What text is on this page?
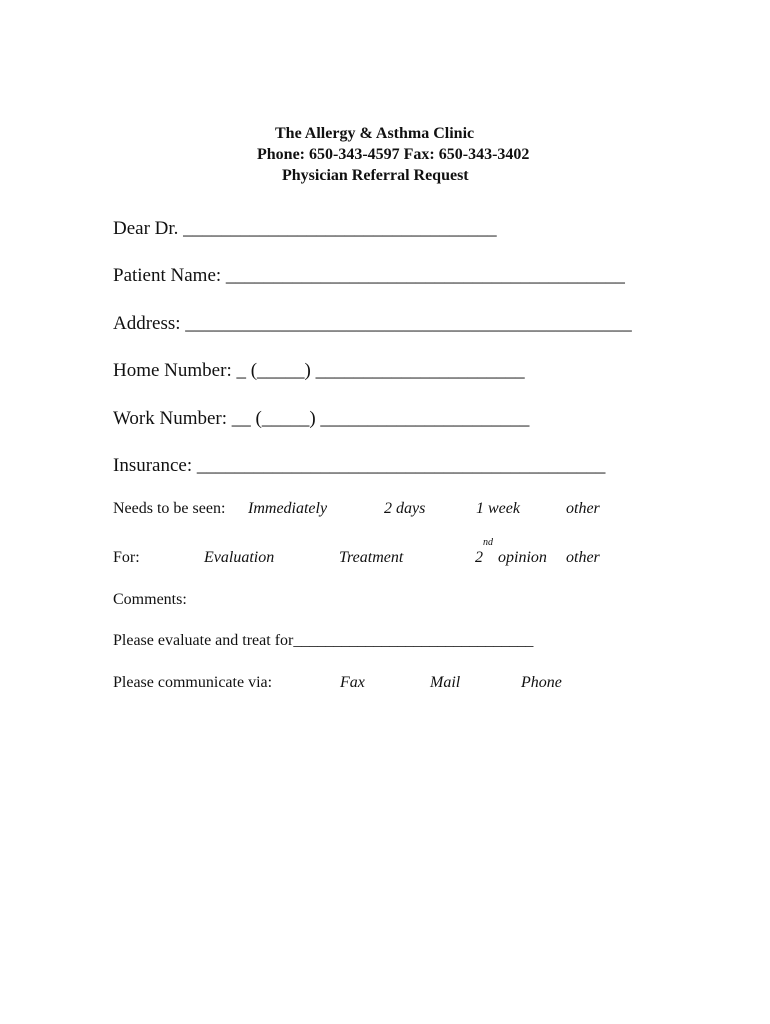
The Allergy & Asthma Clinic
Phone: 650-343-4597 Fax: 650-343-3402
Physician Referral Request
Dear Dr. _________________________________
Patient Name: __________________________________________
Address: _______________________________________________
Home Number: _ (_____) ______________________
Work Number: __ (_____) ______________________
Insurance: ___________________________________________
Needs to be seen: Immediately	2 days	1 week	other
For:	Evaluation	Treatment	2
nd
opinion other
Comments:
Please evaluate and treat for______________________________
Please communicate via:	Fax	Mail	Phone
